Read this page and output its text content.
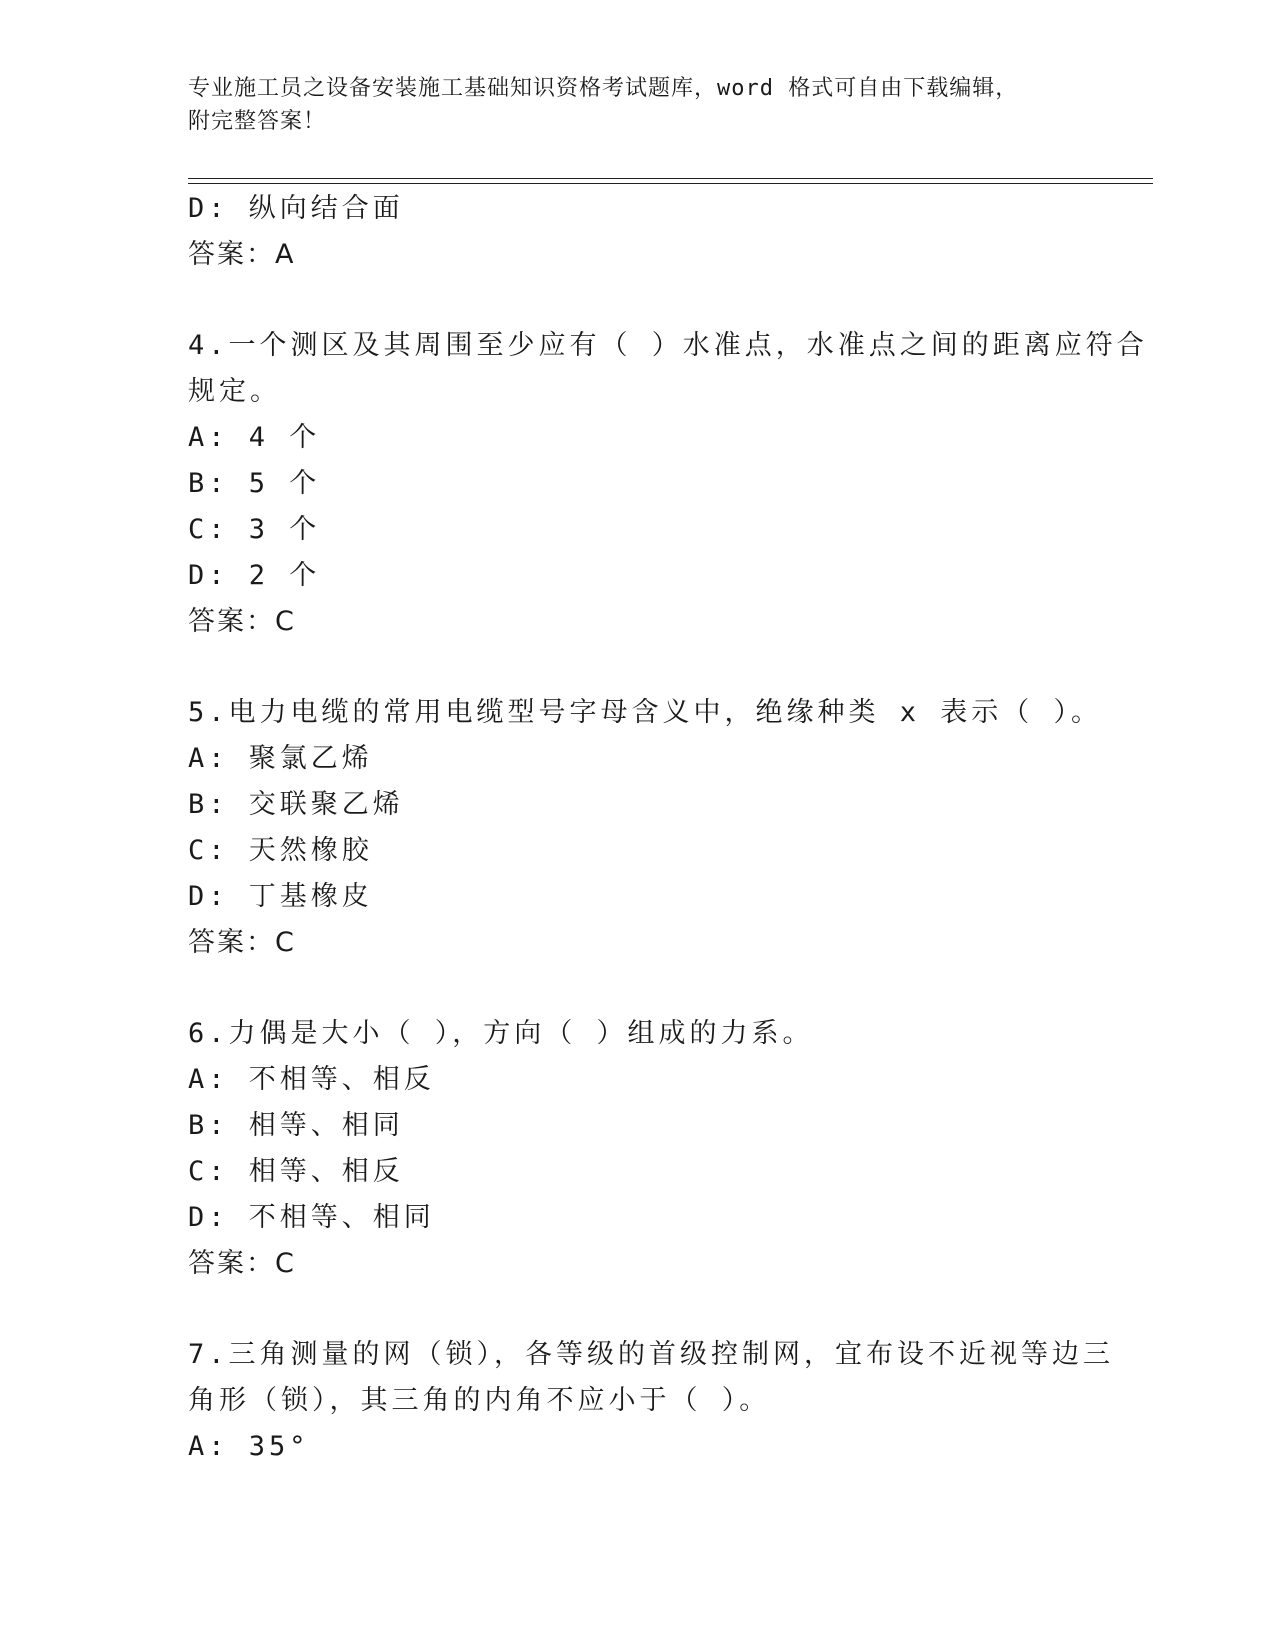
专业施工员之设备安装施工基础知识资格考试题库，word 格式可自由下载编辑，
附完整答案！
D: 纵向结合面
答案：A
4.一个测区及其周围至少应有（ ）水准点，水准点之间的距离应符合
规定。
A: 4 个
B: 5 个
C: 3 个
D: 2 个
答案：C
5.电力电缆的常用电缆型号字母含义中，绝缘种类 x 表示（ ）。
A: 聚氯乙烯
B: 交联聚乙烯
C: 天然橡胶
D: 丁基橡皮
答案：C
6.力偶是大小（ ），方向（ ）组成的力系。
A: 不相等、相反
B: 相等、相同
C: 相等、相反
D: 不相等、相同
答案：C
7.三角测量的网（锁），各等级的首级控制网，宜布设不近视等边三
角形（锁），其三角的内角不应小于（ ）。
A: 35°
